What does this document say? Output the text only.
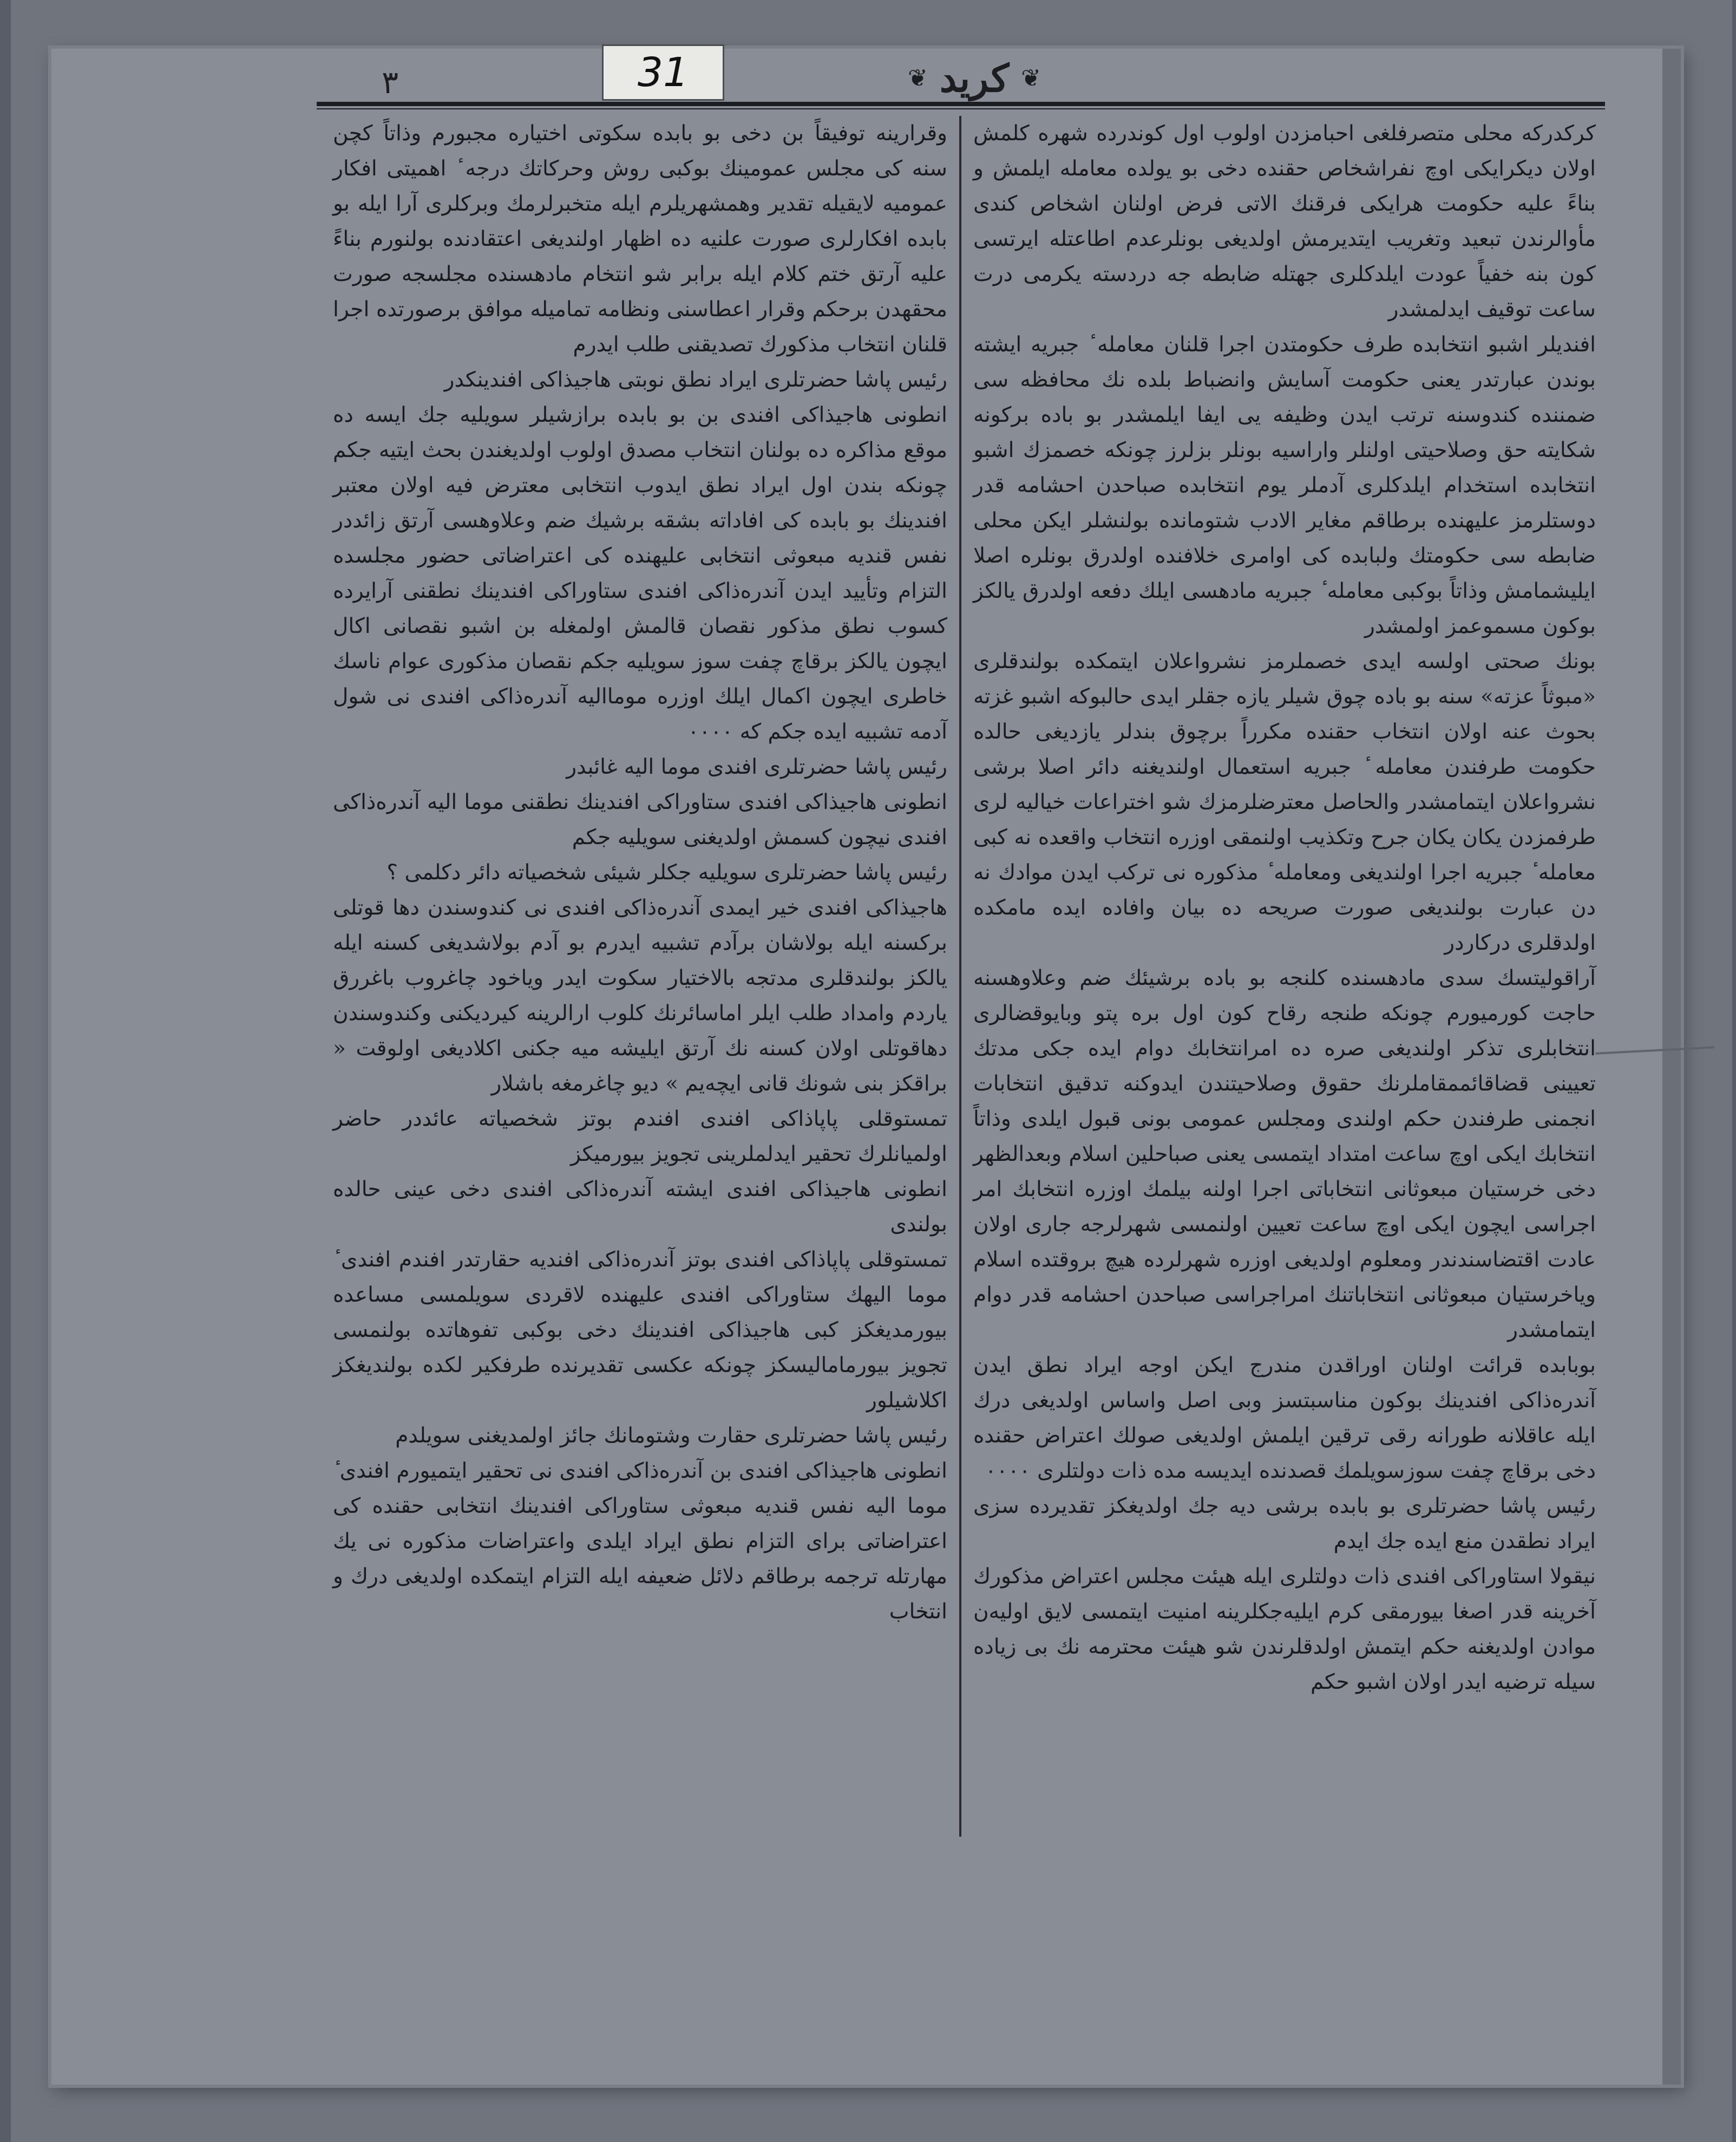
31
٣	❦
كريد
❦

كركدركه محلى متصرفلغى احبامزدن اولوب اول كوندرده شهره كلمش اولان دیكرایكى اوچ نفراشخاص حقنده دخى بو یولده معامله ایلمش و بناءً علیه حكومت هرایكى فرقنك الاتى فرض اولنان اشخاص كندى مأوالرندن تبعید وتغریب ایتدیرمش اولدیغى بونلرعدم اطاعتله ایرتسى كون بنه خفیاً عودت ایلدكلرى جهتله ضابطه جه دردسته یكرمى درت ساعت توقیف ایدلمشدر

افندیلر اشبو انتخابده طرف حكومتدن اجرا قلنان معامله ٔ جبریه ایشته بوندن عبارتدر یعنى حكومت آسایش وانضباط بلده نك محافظه سى ضمننده كندوسنه ترتب ایدن وظیفه یى ایفا ایلمشدر بو باده بركونه شكایته حق وصلاحیتى اولنلر واراسیه بونلر بزلرز چونكه خصمزك اشبو انتخابده استخدام ایلدكلرى آدملر یوم انتخابده صباحدن احشامه قدر دوستلرمز علیهنده برطاقم مغایر الادب شتومانده بولنشلر ایكن محلى ضابطه سى حكومتك ولبابده كى اوامرى خلافنده اولدرق بونلره اصلا ایلیشمامش وذاتاً بوكبى معامله ٔ جبریه مادهسى ایلك دفعه اولدرق یالكز بوكون مسموعمز اولمشدر

بونك صحتى اولسه ایدى خصملرمز نشرواعلان ایتمكده بولندقلرى «مبوثاً عزته» سنه بو باده چوق شیلر یازه جقلر ایدى حالبوكه اشبو غزته بحوث عنه اولان انتخاب حقنده مكرراً برچوق بندلر یازدیغى حالده حكومت طرفندن معامله ٔ جبریه استعمال اولندیغنه دائر اصلا برشى نشرواعلان ایتمامشدر والحاصل معترضلرمزك شو اختراعات خیالیه لرى طرفمزدن یكان یكان جرح وتكذیب اولنمقى اوزره انتخاب واقعده نه كبى معامله ٔ جبریه اجرا اولندیغى ومعامله ٔ مذكوره نى تركب ایدن موادك نه دن عبارت بولندیغى صورت صریحه ده بیان وافاده ایده مامكده اولدقلرى دركاردر

آراقولیتسك سدى مادهسنده كلنجه بو باده برشیئك ضم وعلاوهسنه حاجت كورمیورم چونكه طنجه رقاح كون اول بره پتو وبایوقضالرى انتخابلرى تذكر اولندیغى صره ده امرانتخابك دوام ایده جكى مدتك تعیینى قضاقائممقاملرنك حقوق وصلاحیتندن ایدوكنه تدقیق انتخابات انجمنى طرفندن حكم اولندى ومجلس عمومى بونى قبول ایلدى وذاتاً انتخابك ایكى اوچ ساعت امتداد ایتمسى یعنى صباحلین اسلام وبعدالظهر دخى خرستیان مبعوثانى انتخاباتى اجرا اولنه بیلمك اوزره انتخابك امر اجراسى ایچون ایكى اوچ ساعت تعیین اولنمسى شهرلرجه جارى اولان عادت اقتضاسندندر ومعلوم اولدیغى اوزره شهرلرده هیچ بروقتده اسلام ویاخرستیان مبعوثانى انتخاباتنك امراجراسى صباحدن احشامه قدر دوام ایتمامشدر

بوبابده قرائت اولنان اوراقدن مندرج ایكن اوجه ایراد نطق ایدن آندره‌ذاكى افندینك بوكون مناسبتسز وبى اصل واساس اولدیغى درك ایله عاقلانه طورانه رقى ترقین ایلمش اولدیغى صولك اعتراض حقنده دخى برقاچ چفت سوزسویلمك قصدنده ایدیسه مده ذات دولتلرى ٠٠٠٠

رئیس پاشا حضرتلرى بو بابده برشى دیه جك اولدیغكز تقدیرده سزى ایراد نطقدن منع ایده جك ایدم

نیقولا استاوراكى افندى ذات دولتلرى ایله هیئت مجلس اعتراض مذكورك آخرینه قدر اصغا بیورمقى كرم ایلیه‌جكلرینه امنیت ایتمسى لایق اولیه‌ن موادن اولدیغنه حكم ایتمش اولدقلرندن شو هیئت محترمه نك بى زیاده سیله ترضیه ایدر اولان اشبو حكم

وقرارینه توفیقاً بن دخى بو بابده سكوتى اختیاره مجبورم وذاتاً كچن سنه كى مجلس عمومینك بوكبى روش وحركاتك درجه ٔ اهمیتى افكار عمومیه لایقیله تقدیر وهمشهریلرم ایله متخبرلرمك وبركلرى آرا ایله بو بابده افكارلرى صورت علنیه ده اظهار اولندیغى اعتقادنده بولنورم بناءً علیه آرتق ختم كلام ایله برابر شو انتخام مادهسنده مجلسجه صورت محقهدن برحكم وقرار اعطاسنى ونظامه تماميله موافق برصورتده اجرا قلنان انتخاب مذكورك تصدیقنى طلب ایدرم

رئیس پاشا حضرتلرى ایراد نطق نوبتى هاجیذاكى افندینكدر

انطونى هاجیذاكى افندى بن بو بابده برازشیلر سویلیه جك ایسه ده موقع مذاكره ده بولنان انتخاب مصدق اولوب اولدیغندن بحث ایتیه جكم چونكه بندن اول ایراد نطق ایدوب انتخابى معترض فیه اولان معتبر افندینك بو بابده كى افاداته بشقه برشیك ضم وعلاوهسى آرتق زائددر نفس قندیه مبعوثى انتخابى علیهنده كى اعتراضاتى حضور مجلسده التزام وتأیید ایدن آندره‌ذاكى افندى ستاوراكى افندینك نطقنى آرایرده كسوب نطق مذكور نقصان قالمش اولمغله بن اشبو نقصانى اكال ایچون یالكز برقاچ چفت سوز سویلیه جكم نقصان مذكورى عوام ناسك خاطرى ایچون اكمال ایلك اوزره موماالیه آندره‌ذاكى افندى نى شول آدمه تشبیه ایده جكم كه ٠٠٠٠

رئیس پاشا حضرتلرى افندى موما الیه غائبدر

انطونى هاجیذاكى افندى ستاوراكى افندینك نطقنى موما الیه آندره‌ذاكى افندى نیچون كسمش اولدیغنى سویلیه جكم

رئیس پاشا حضرتلرى سویلیه جكلر شیئى شخصیاته دائر دكلمى ؟

هاجیذاكى افندى خیر ایمدى آندره‌ذاكى افندى نى كندوسندن دها قوتلى بركسنه ایله بولاشان برآدم تشبیه ایدرم بو آدم بولاشدیغى كسنه ایله یالكز بولندقلرى مدتجه بالاختیار سكوت ایدر ویاخود چاغروب باغررق یاردم وامداد طلب ایلر اماسائرنك كلوب ارالرینه كیردیكنى وكندوسندن دهاقوتلى اولان كسنه نك آرتق ایلیشه میه جكنى اكلادیغى اولوقت « براقكز بنى شونك قانى ایچه‌یم » دیو چاغرمغه باشلار

تمستوقلى پاپاذاكى افندى افندم بوتز شخصیاته عائددر حاضر اولمیانلرك تحقیر ایدلملرینى تجویز بیورمیكز

انطونى هاجیذاكى افندى ایشته آندره‌ذاكى افندى دخى عینى حالده بولندى

تمستوقلى پاپاذاكى افندى بوتز آندره‌ذاكى افندیه حقارتدر افندم افندى ٔ موما الیهك ستاوراكى افندى علیهنده لاقردى سویلمسى مساعده بیورمدیغكز كبى هاجیذاكى افندینك دخى بوكبى تفوهاتده بولنمسى تجویز بیورمامالیسكز چونكه عكسى تقدیرنده طرفكیر لكده بولندیغكز اكلاشیلور

رئیس پاشا حضرتلرى حقارت وشتومانك جائز اولمدیغنى سویلدم

انطونى هاجیذاكى افندى بن آندره‌ذاكى افندى نى تحقیر ایتمیورم افندى ٔ موما الیه نفس قندیه مبعوثى ستاوراكى افندینك انتخابى حقنده كى اعتراضاتى براى التزام نطق ایراد ایلدى واعتراضات مذكوره نى یك مهارتله ترجمه برطاقم دلائل ضعیفه ایله التزام ایتمكده اولدیغى درك و انتخاب
